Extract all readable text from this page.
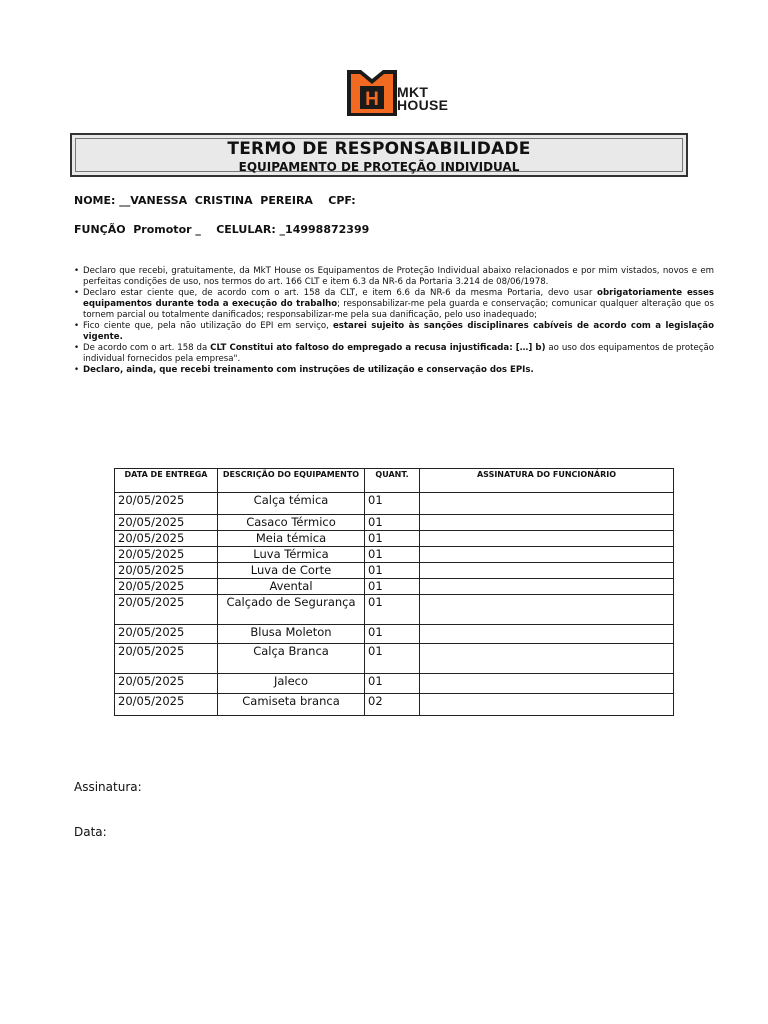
H MKT
HOUSE
TERMO DE RESPONSABILIDADE
EQUIPAMENTO DE PROTEÇÃO INDIVIDUAL
NOME: __VANESSA  CRISTINA  PEREIRA    CPF:
FUNÇÃO  Promotor _    CELULAR: _14998872399
• Declaro que recebi, gratuitamente, da MkT House os Equipamentos de Proteção Individual abaixo relacionados e por mim vistados, novos e em perfeitas condições de uso, nos termos do art. 166 CLT e item 6.3 da NR-6 da Portaria 3.214 de 08/06/1978.
• Declaro estar ciente que, de acordo com o art. 158 da CLT, e item 6.6 da NR-6 da mesma Portaria, devo usar obrigatoriamente esses equipamentos durante toda a execução do trabalho; responsabilizar-me pela guarda e conservação; comunicar qualquer alteração que os tornem parcial ou totalmente danificados; responsabilizar-me pela sua danificação, pelo uso inadequado;
• Fico ciente que, pela não utilização do EPI em serviço, estarei sujeito às sanções disciplinares cabíveis de acordo com a legislação vigente.
• De acordo com o art. 158 da CLT Constitui ato faltoso do empregado a recusa injustificada: […] b) ao uso dos equipamentos de proteção individual fornecidos pela empresa".
• Declaro, ainda, que recebi treinamento com instruções de utilização e conservação dos EPIs.
DATA DE ENTREGA	DESCRIÇÃO DO EQUIPAMENTO	QUANT.	ASSINATURA DO FUNCIONÁRIO
20/05/2025	Calça témica	01	
20/05/2025	Casaco Térmico	01	
20/05/2025	Meia témica	01	
20/05/2025	Luva Térmica	01	
20/05/2025	Luva de Corte	01	
20/05/2025	Avental	01	
20/05/2025	Calçado de Segurança	01	
20/05/2025	Blusa Moleton	01	
20/05/2025	Calça Branca	01	
20/05/2025	Jaleco	01	
20/05/2025	Camiseta branca	02	
Assinatura:
Data:
